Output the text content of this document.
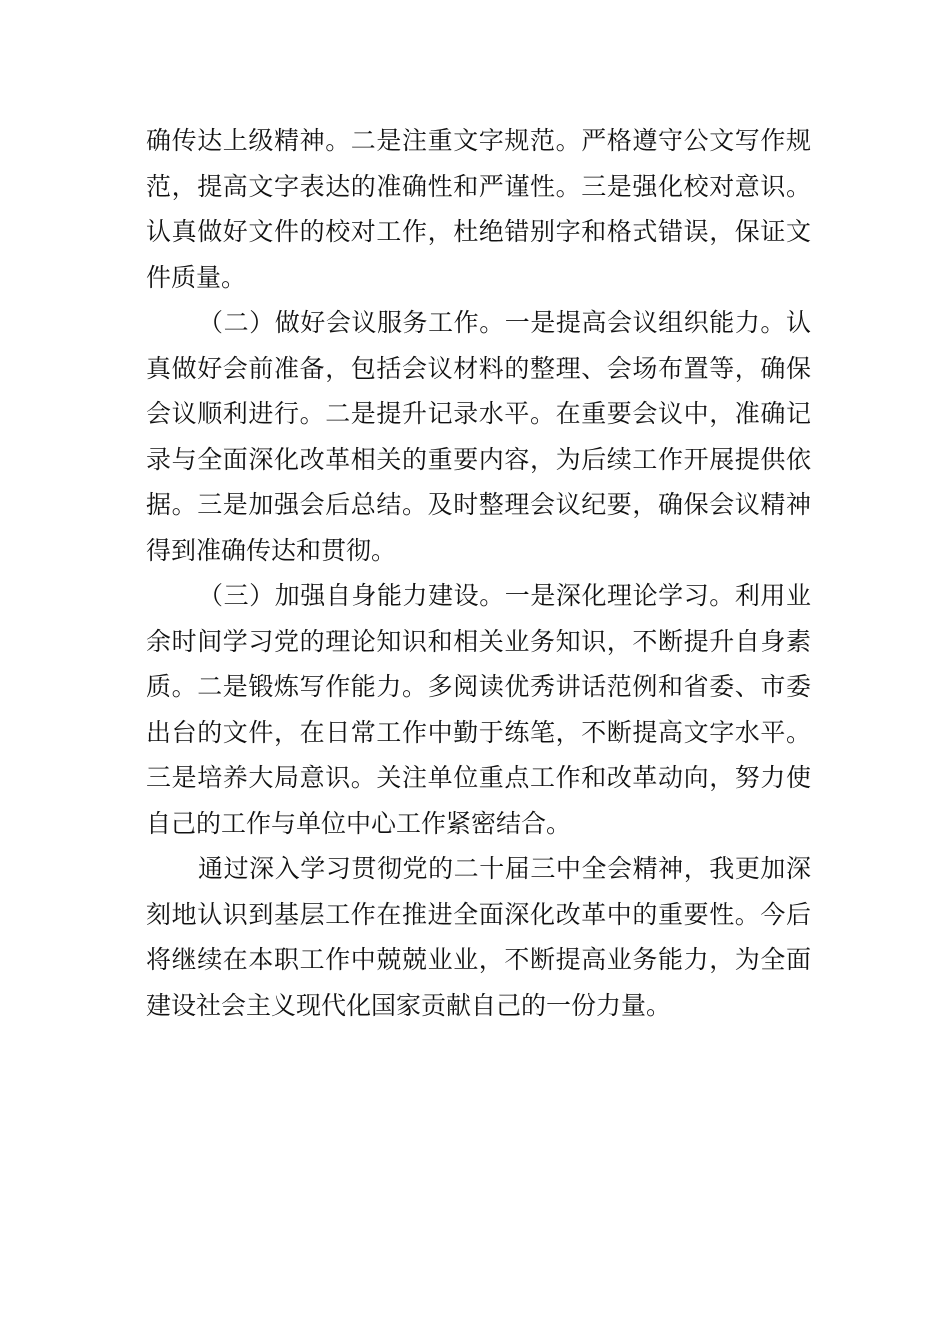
确传达上级精神。二是注重文字规范。严格遵守公文写作规
范，提高文字表达的准确性和严谨性。三是强化校对意识。
认真做好文件的校对工作，杜绝错别字和格式错误，保证文
件质量。
（二）做好会议服务工作。一是提高会议组织能力。认
真做好会前准备，包括会议材料的整理、会场布置等，确保
会议顺利进行。二是提升记录水平。在重要会议中，准确记
录与全面深化改革相关的重要内容，为后续工作开展提供依
据。三是加强会后总结。及时整理会议纪要，确保会议精神
得到准确传达和贯彻。
（三）加强自身能力建设。一是深化理论学习。利用业
余时间学习党的理论知识和相关业务知识，不断提升自身素
质。二是锻炼写作能力。多阅读优秀讲话范例和省委、市委
出台的文件，在日常工作中勤于练笔，不断提高文字水平。
三是培养大局意识。关注单位重点工作和改革动向，努力使
自己的工作与单位中心工作紧密结合。
通过深入学习贯彻党的二十届三中全会精神，我更加深
刻地认识到基层工作在推进全面深化改革中的重要性。今后
将继续在本职工作中兢兢业业，不断提高业务能力，为全面
建设社会主义现代化国家贡献自己的一份力量。
